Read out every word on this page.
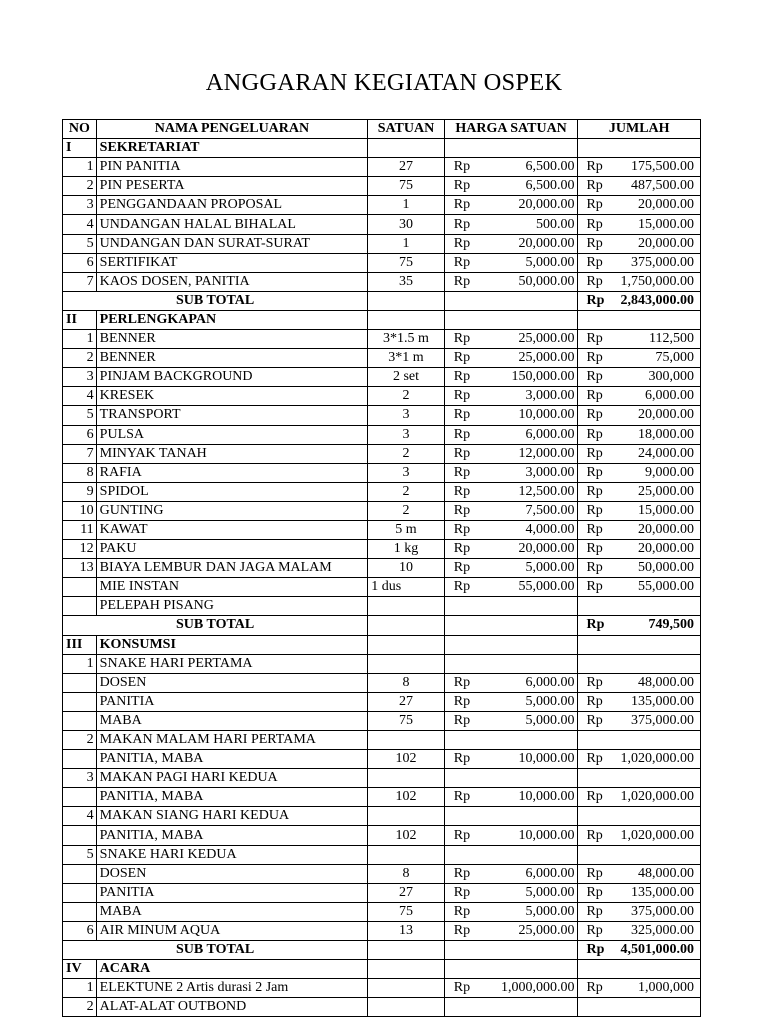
ANGGARAN KEGIATAN OSPEK
NO	NAMA PENGELUARAN	SATUAN	HARGA SATUAN	JUMLAH
I	SEKRETARIAT			
1	PIN PANITIA	27	Rp 6,500.00	Rp 175,500.00

2	PIN PESERTA	75	Rp 6,500.00	Rp 487,500.00

3	PENGGANDAAN PROPOSAL	1	Rp 20,000.00	Rp 20,000.00

4	UNDANGAN HALAL BIHALAL	30	Rp 500.00	Rp 15,000.00

5	UNDANGAN DAN SURAT-SURAT	1	Rp 20,000.00	Rp 20,000.00

6	SERTIFIKAT	75	Rp 5,000.00	Rp 375,000.00

7	KAOS DOSEN, PANITIA	35	Rp 50,000.00	Rp 1,750,000.00

SUB TOTAL				Rp 2,843,000.00

II	PERLENGKAPAN			
1	BENNER	3*1.5 m	Rp 25,000.00	Rp 112,500

2	BENNER	3*1 m	Rp 25,000.00	Rp 75,000

3	PINJAM BACKGROUND	2 set	Rp 150,000.00	Rp 300,000

4	KRESEK	2	Rp 3,000.00	Rp 6,000.00

5	TRANSPORT	3	Rp 10,000.00	Rp 20,000.00

6	PULSA	3	Rp 6,000.00	Rp 18,000.00

7	MINYAK TANAH	2	Rp 12,000.00	Rp 24,000.00

8	RAFIA	3	Rp 3,000.00	Rp 9,000.00

9	SPIDOL	2	Rp 12,500.00	Rp 25,000.00

10	GUNTING	2	Rp 7,500.00	Rp 15,000.00

11	KAWAT	5 m	Rp 4,000.00	Rp 20,000.00

12	PAKU	1 kg	Rp 20,000.00	Rp 20,000.00

13	BIAYA LEMBUR DAN JAGA MALAM	10	Rp 5,000.00	Rp 50,000.00

	MIE INSTAN	1 dus	Rp 55,000.00	Rp 55,000.00

	PELEPAH PISANG			
SUB TOTAL				Rp 749,500

III	KONSUMSI			
1	SNAKE HARI PERTAMA			
	DOSEN	8	Rp 6,000.00	Rp 48,000.00

	PANITIA	27	Rp 5,000.00	Rp 135,000.00

	MABA	75	Rp 5,000.00	Rp 375,000.00

2	MAKAN MALAM HARI PERTAMA			
	PANITIA, MABA	102	Rp 10,000.00	Rp 1,020,000.00

3	MAKAN PAGI HARI KEDUA			
	PANITIA, MABA	102	Rp 10,000.00	Rp 1,020,000.00

4	MAKAN SIANG HARI KEDUA			
	PANITIA, MABA	102	Rp 10,000.00	Rp 1,020,000.00

5	SNAKE HARI KEDUA			
	DOSEN	8	Rp 6,000.00	Rp 48,000.00

	PANITIA	27	Rp 5,000.00	Rp 135,000.00

	MABA	75	Rp 5,000.00	Rp 375,000.00

6	AIR MINUM AQUA	13	Rp 25,000.00	Rp 325,000.00

SUB TOTAL				Rp 4,501,000.00

IV	ACARA			
1	ELEKTUNE 2 Artis durasi 2 Jam		Rp 1,000,000.00	Rp 1,000,000

2	ALAT-ALAT OUTBOND			
